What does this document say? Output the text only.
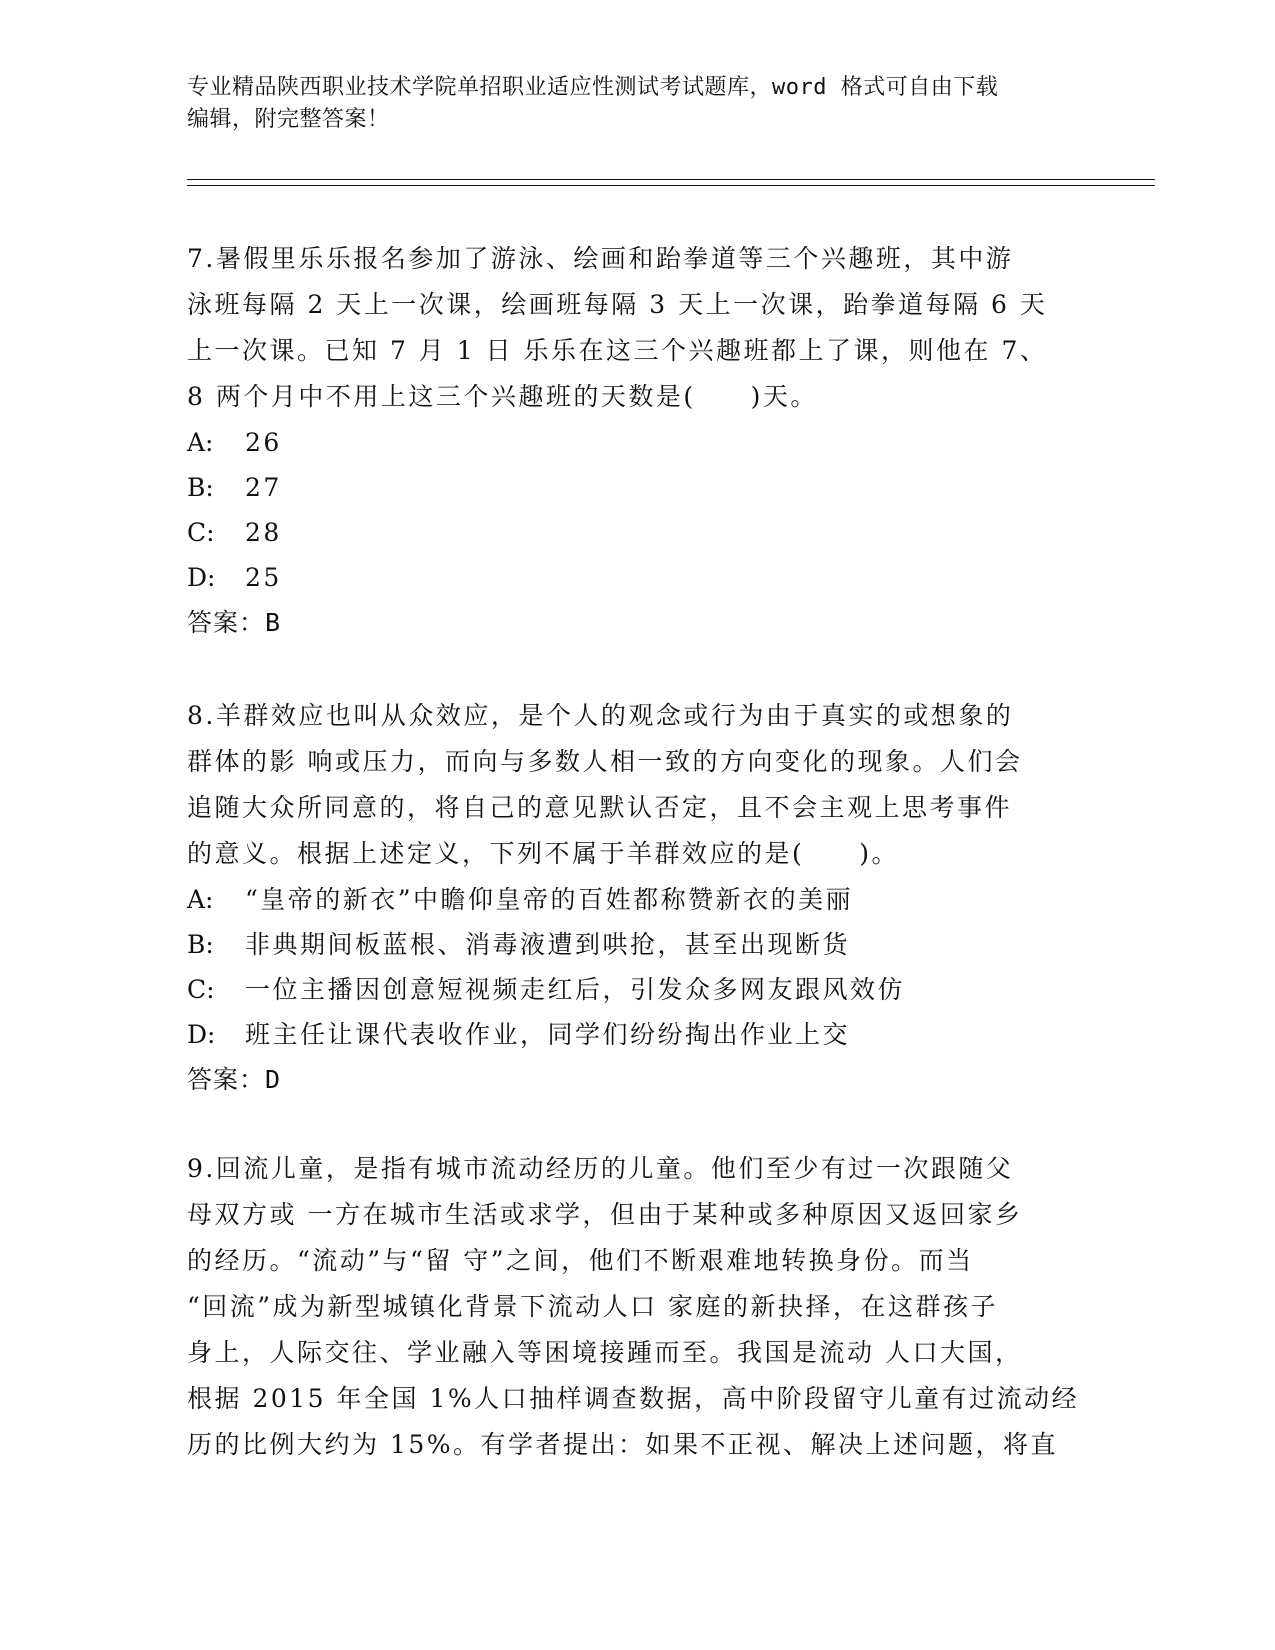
专业精品陕西职业技术学院单招职业适应性测试考试题库，word 格式可自由下载
编辑，附完整答案！
7.暑假里乐乐报名参加了游泳、绘画和跆拳道等三个兴趣班，其中游
泳班每隔 2 天上一次课，绘画班每隔 3 天上一次课，跆拳道每隔 6 天
上一次课。已知 7 月 1 日 乐乐在这三个兴趣班都上了课，则他在 7、
8 两个月中不用上这三个兴趣班的天数是(　　)天。
A: 26
B: 27
C: 28
D: 25
答案：B
8.羊群效应也叫从众效应，是个人的观念或行为由于真实的或想象的
群体的影 响或压力，而向与多数人相一致的方向变化的现象。人们会
追随大众所同意的，将自己的意见默认否定，且不会主观上思考事件
的意义。根据上述定义，下列不属于羊群效应的是(　　)。
A: “皇帝的新衣”中瞻仰皇帝的百姓都称赞新衣的美丽
B: 非典期间板蓝根、消毒液遭到哄抢，甚至出现断货
C: 一位主播因创意短视频走红后，引发众多网友跟风效仿
D: 班主任让课代表收作业，同学们纷纷掏出作业上交
答案：D
9.回流儿童，是指有城市流动经历的儿童。他们至少有过一次跟随父
母双方或 一方在城市生活或求学，但由于某种或多种原因又返回家乡
的经历。“流动”与“留 守”之间，他们不断艰难地转换身份。而当
“回流”成为新型城镇化背景下流动人口 家庭的新抉择，在这群孩子
身上，人际交往、学业融入等困境接踵而至。我国是流动 人口大国，
根据 2015 年全国 1%人口抽样调查数据，高中阶段留守儿童有过流动经
历的比例大约为 15%。有学者提出：如果不正视、解决上述问题，将直
